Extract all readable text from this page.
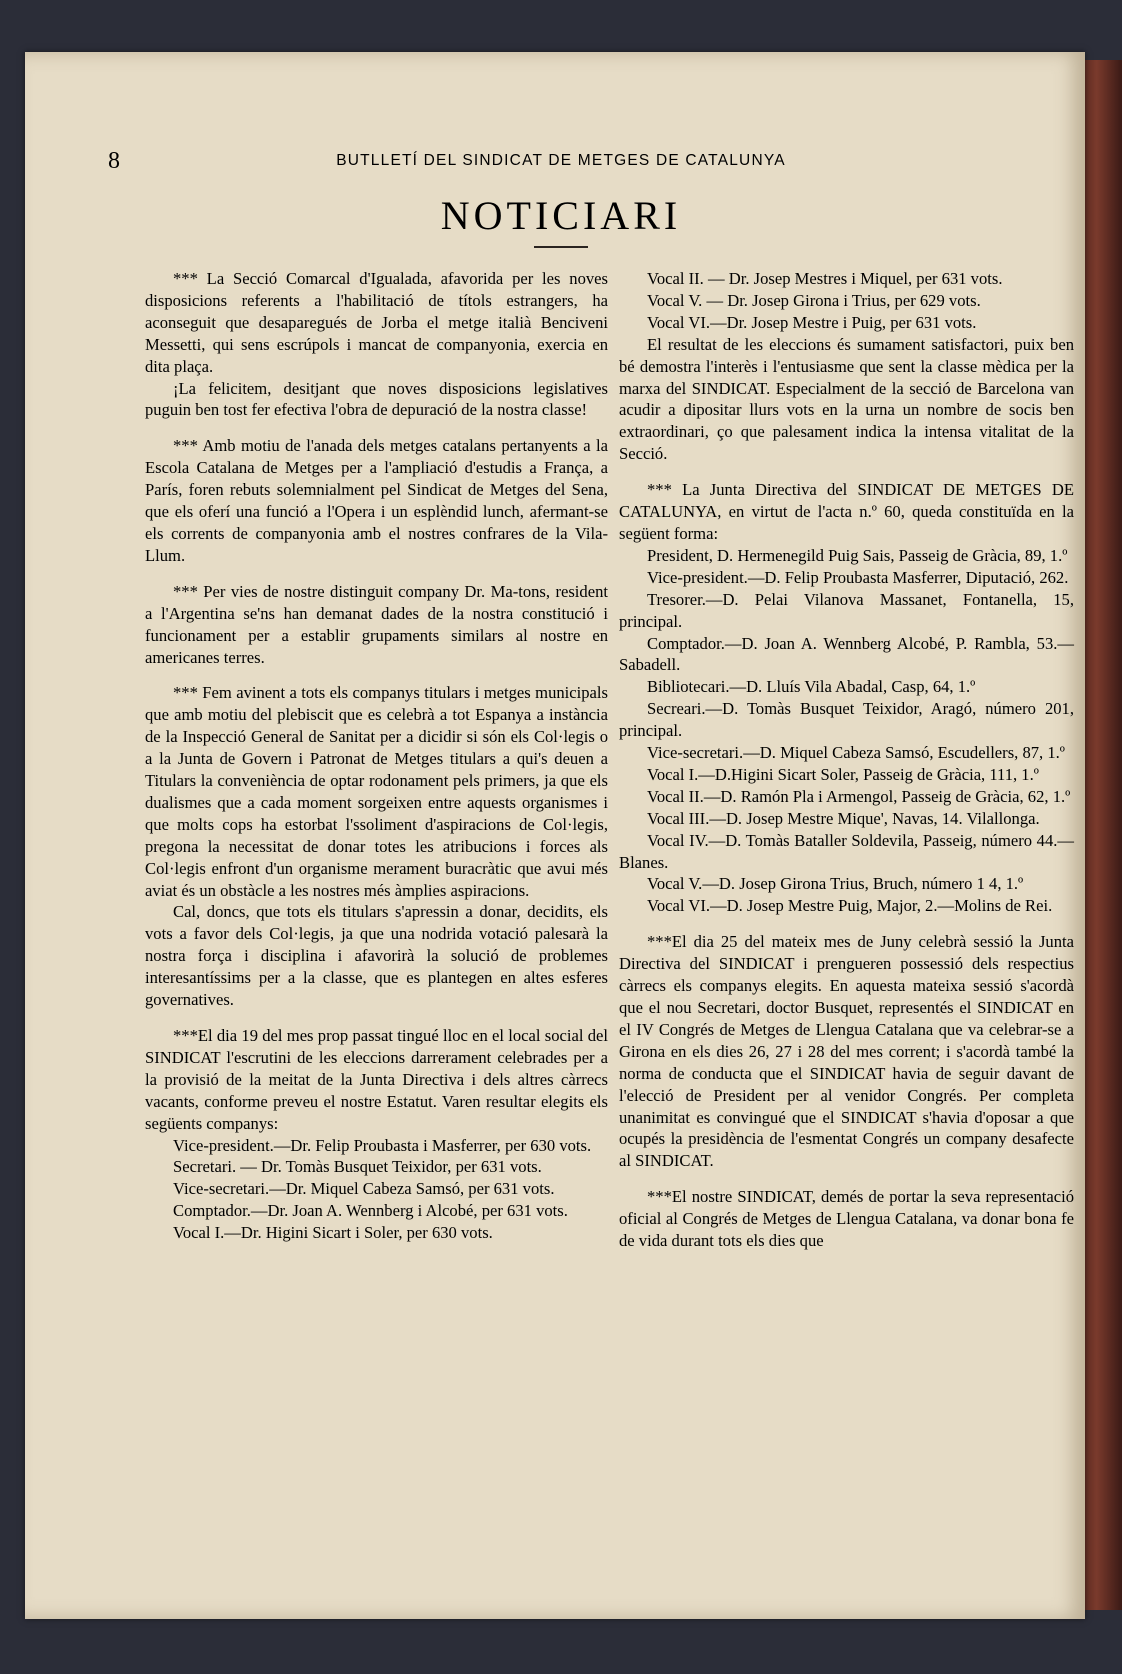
8	BUTLLETÍ DEL SINDICAT DE METGES DE CATALUNYA
NOTICIARI

*** La Secció Comarcal d'Igualada, afavorida per les noves disposicions referents a l'habilitació de títols estrangers, ha aconseguit que desaparegués de Jorba el metge italià Benciveni Messetti, qui sens escrúpols i mancat de companyonia, exercia en dita plaça.

¡La felicitem, desitjant que noves disposicions legislatives puguin ben tost fer efectiva l'obra de depuració de la nostra classe!

*** Amb motiu de l'anada dels metges catalans pertanyents a la Escola Catalana de Metges per a l'ampliació d'estudis a França, a París, foren rebuts solemnialment pel Sindicat de Metges del Sena, que els oferí una funció a l'Opera i un esplèndid lunch, afermant-se els corrents de companyonia amb el nostres confrares de la Vila-Llum.

*** Per vies de nostre distinguit company Dr. Ma-tons, resident a l'Argentina se'ns han demanat dades de la nostra constitució i funcionament per a establir grupaments similars al nostre en americanes terres.

*** Fem avinent a tots els companys titulars i metges municipals que amb motiu del plebiscit que es celebrà a tot Espanya a instància de la Inspecció General de Sanitat per a dicidir si són els Col·legis o a la Junta de Govern i Patronat de Metges titulars a qui's deuen a Titulars la conveniència de optar rodonament pels primers, ja que els dualismes que a cada moment sorgeixen entre aquests organismes i que molts cops ha estorbat l'ssoliment d'aspiracions de Col·legis, pregona la necessitat de donar totes les atribucions i forces als Col·legis enfront d'un organisme merament buracràtic que avui més aviat és un obstàcle a les nostres més àmplies aspiracions.

Cal, doncs, que tots els titulars s'apressin a donar, decidits, els vots a favor dels Col·legis, ja que una nodrida votació palesarà la nostra força i disciplina i afavorirà la solució de problemes interesantíssims per a la classe, que es plantegen en altes esferes governatives.

***El dia 19 del mes prop passat tingué lloc en el local social del SINDICAT l'escrutini de les eleccions darrerament celebrades per a la provisió de la meitat de la Junta Directiva i dels altres càrrecs vacants, conforme preveu el nostre Estatut. Varen resultar elegits els següents companys:

Vice-president.—Dr. Felip Proubasta i Masferrer, per 630 vots.

Secretari. — Dr. Tomàs Busquet Teixidor, per 631 vots.

Vice-secretari.—Dr. Miquel Cabeza Samsó, per 631 vots.

Comptador.—Dr. Joan A. Wennberg i Alcobé, per 631 vots.

Vocal I.—Dr. Higini Sicart i Soler, per 630 vots.

Vocal II. — Dr. Josep Mestres i Miquel, per 631 vots.

Vocal V. — Dr. Josep Girona i Trius, per 629 vots.

Vocal VI.—Dr. Josep Mestre i Puig, per 631 vots.

El resultat de les eleccions és sumament satisfactori, puix ben bé demostra l'interès i l'entusiasme que sent la classe mèdica per la marxa del SINDICAT. Especialment de la secció de Barcelona van acudir a dipositar llurs vots en la urna un nombre de socis ben extraordinari, ço que palesament indica la intensa vitalitat de la Secció.

*** La Junta Directiva del SINDICAT DE METGES DE CATALUNYA, en virtut de l'acta n.º 60, queda constituïda en la següent forma:

President, D. Hermenegild Puig Sais, Passeig de Gràcia, 89, 1.º

Vice-president.—D. Felip Proubasta Masferrer, Diputació, 262.

Tresorer.—D. Pelai Vilanova Massanet, Fontanella, 15, principal.

Comptador.—D. Joan A. Wennberg Alcobé, P. Rambla, 53.—Sabadell.

Bibliotecari.—D. Lluís Vila Abadal, Casp, 64, 1.º

Secreari.—D. Tomàs Busquet Teixidor, Aragó, número 201, principal.

Vice-secretari.—D. Miquel Cabeza Samsó, Escudellers, 87, 1.º

Vocal I.—D.Higini Sicart Soler, Passeig de Gràcia, 111, 1.º

Vocal II.—D. Ramón Pla i Armengol, Passeig de Gràcia, 62, 1.º

Vocal III.—D. Josep Mestre Mique', Navas, 14. Vilallonga.

Vocal IV.—D. Tomàs Bataller Soldevila, Passeig, número 44.—Blanes.

Vocal V.—D. Josep Girona Trius, Bruch, número 1 4, 1.º

Vocal VI.—D. Josep Mestre Puig, Major, 2.—Molins de Rei.

***El dia 25 del mateix mes de Juny celebrà sessió la Junta Directiva del SINDICAT i prengueren possessió dels respectius càrrecs els companys elegits. En aquesta mateixa sessió s'acordà que el nou Secretari, doctor Busquet, representés el SINDICAT en el IV Congrés de Metges de Llengua Catalana que va celebrar-se a Girona en els dies 26, 27 i 28 del mes corrent; i s'acordà també la norma de conducta que el SINDICAT havia de seguir davant de l'elecció de President per al venidor Congrés. Per completa unanimitat es convingué que el SINDICAT s'havia d'oposar a que ocupés la presidència de l'esmentat Congrés un company desafecte al SINDICAT.

***El nostre SINDICAT, demés de portar la seva representació oficial al Congrés de Metges de Llengua Catalana, va donar bona fe de vida durant tots els dies que
